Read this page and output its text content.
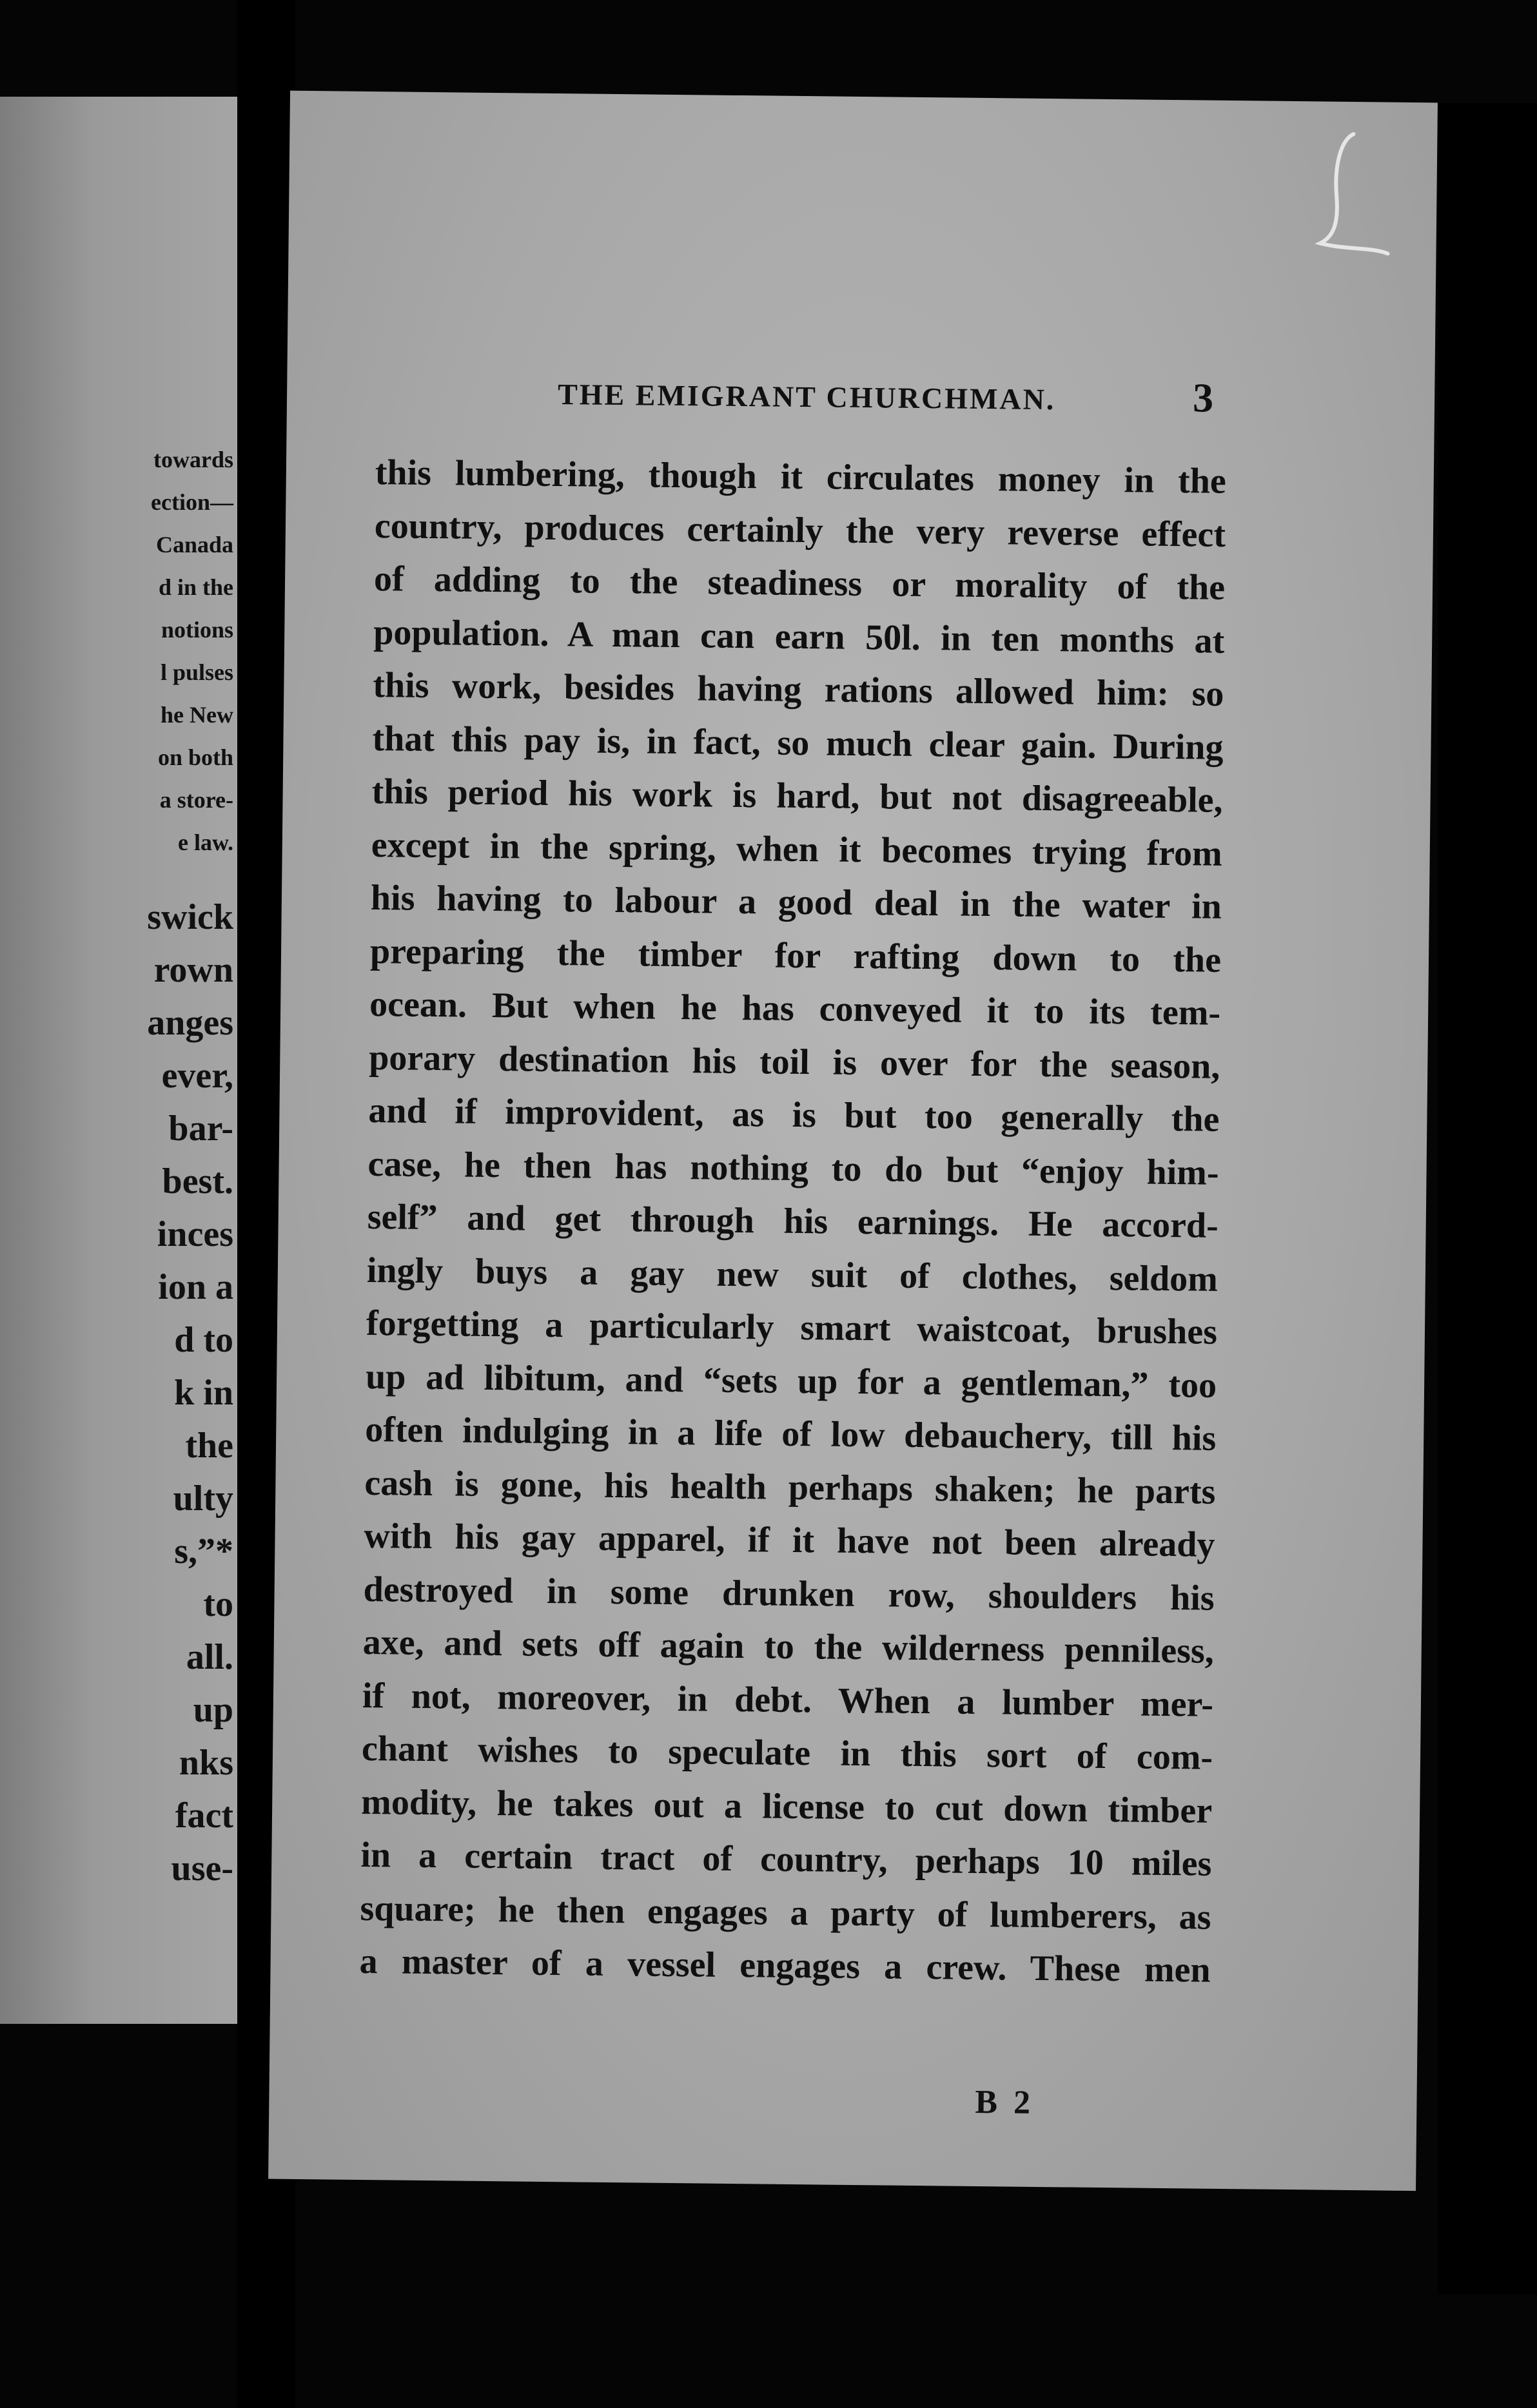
towards
ection—
Canada
d in the
notions
l pulses
he New
on both
a store-
e law.
swick
rown
anges
ever,
bar-
best.
inces
ion a
d to
k in
the
ulty
s,”*
to
all.
up
nks
fact
use-
THE EMIGRANT CHURCHMAN.	3
this lumbering, though it circulates money in the
country, produces certainly the very reverse effect
of adding to the steadiness or morality of the
population. A man can earn 50l. in ten months at
this work, besides having rations allowed him: so
that this pay is, in fact, so much clear gain. During
this period his work is hard, but not disagreeable,
except in the spring, when it becomes trying from
his having to labour a good deal in the water in
preparing the timber for rafting down to the
ocean. But when he has conveyed it to its tem-
porary destination his toil is over for the season,
and if improvident, as is but too generally the
case, he then has nothing to do but “enjoy him-
self” and get through his earnings. He accord-
ingly buys a gay new suit of clothes, seldom
forgetting a particularly smart waistcoat, brushes
up ad libitum, and “sets up for a gentleman,” too
often indulging in a life of low debauchery, till his
cash is gone, his health perhaps shaken; he parts
with his gay apparel, if it have not been already
destroyed in some drunken row, shoulders his
axe, and sets off again to the wilderness penniless,
if not, moreover, in debt. When a lumber mer-
chant wishes to speculate in this sort of com-
modity, he takes out a license to cut down timber
in a certain tract of country, perhaps 10 miles
square; he then engages a party of lumberers, as
a master of a vessel engages a crew. These men
B 2
